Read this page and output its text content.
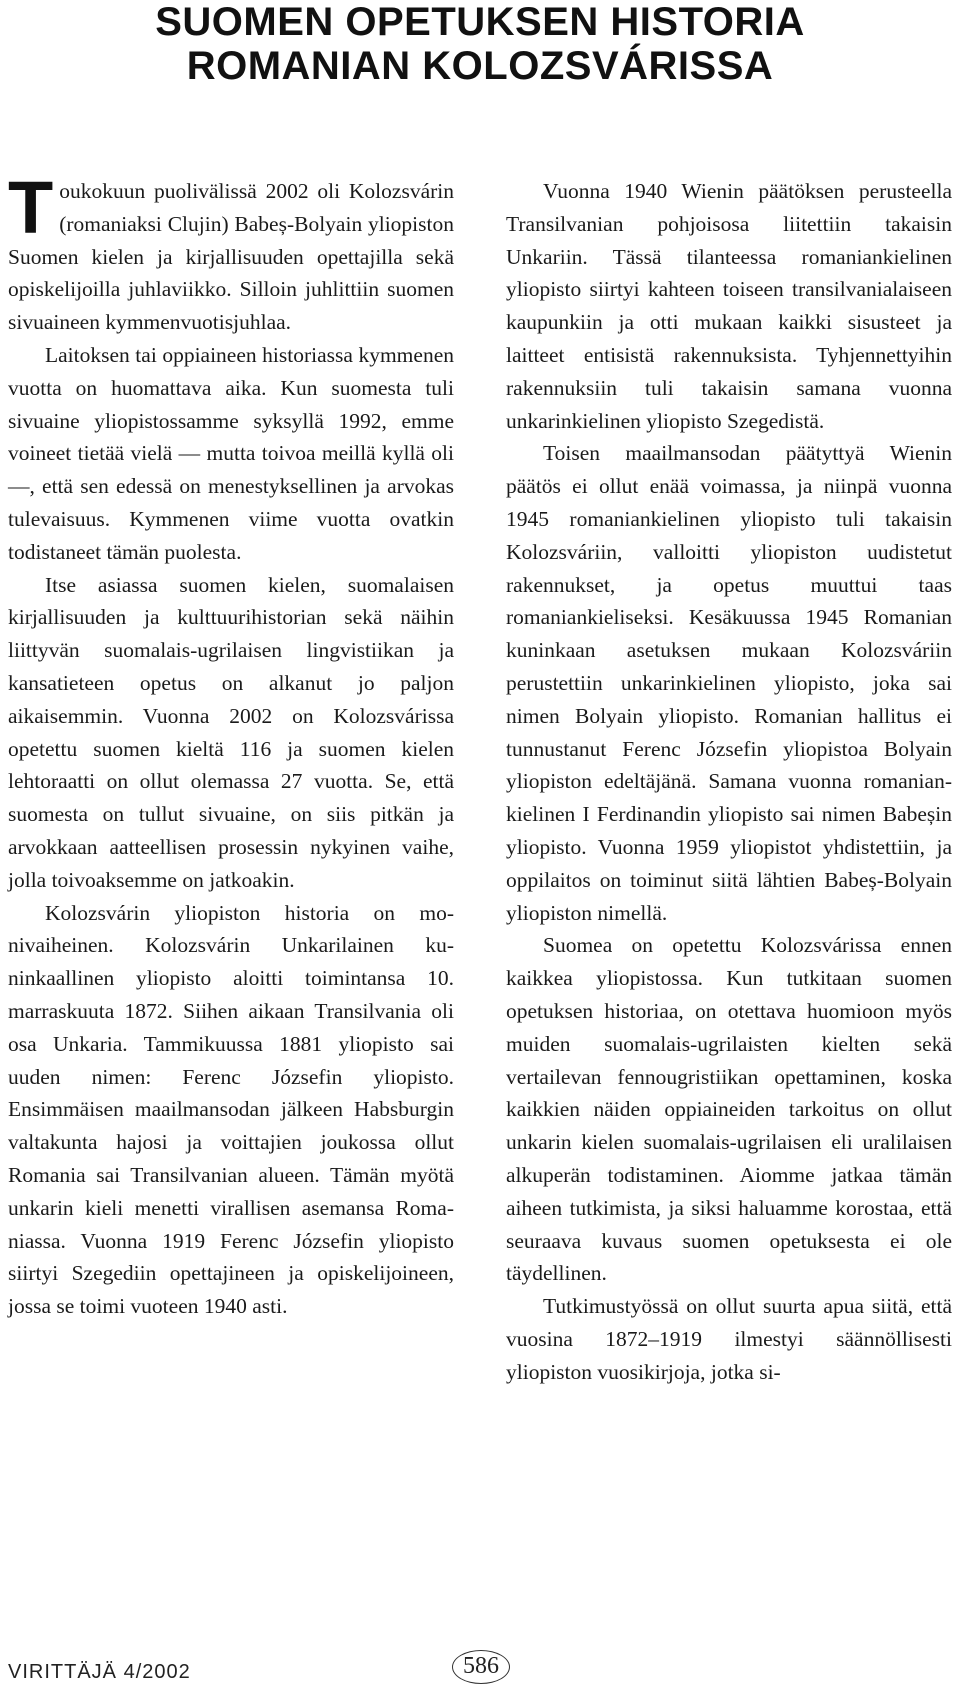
SUOMEN OPETUKSEN HISTORIA
ROMANIAN KOLOZSVÁRISSA

Toukokuun puolivälissä 2002 oli Kolozsvárin (romaniaksi Clujin) Babeș-Bolyain yliopiston Suomen kielen ja kirjallisuuden opettajilla sekä opiskelijoilla juhlaviikko. Silloin juhlittiin suomen sivuaineen kymmenvuotisjuhlaa.

Laitoksen tai oppiaineen historiassa kymmenen vuotta on huomattava aika. Kun suomesta tuli sivuaine yliopistossamme syksyllä 1992, emme voineet tietää vielä — mutta toivoa meillä kyllä oli —, että sen edessä on menestyksellinen ja arvokas tulevaisuus. Kymmenen viime vuotta ovatkin todistaneet tämän puolesta.

Itse asiassa suomen kielen, suomalaisen kirjallisuuden ja kulttuurihistorian sekä näihin liittyvän suomalais-ugrilaisen lingvistiikan ja kansatieteen opetus on alkanut jo paljon aikaisemmin. Vuonna 2002 on Kolozsvárissa opetettu suomen kieltä 116 ja suomen kielen lehtoraatti on ollut olemassa 27 vuotta. Se, että suomesta on tullut sivuaine, on siis pitkän ja arvokkaan aatteellisen prosessin nykyinen vaihe, jolla toivoaksemme on jatkoakin.

Kolozsvárin yliopiston historia on monivaiheinen. Kolozsvárin Unkarilainen kuninkaallinen yliopisto aloitti toimintansa 10. marraskuuta 1872. Siihen aikaan Transilvania oli osa Unkaria. Tammikuussa 1881 yliopisto sai uuden nimen: Ferenc Józsefin yliopisto. Ensimmäisen maailmansodan jälkeen Habsburgin valtakunta hajosi ja voittajien joukossa ollut Romania sai Transilvanian alueen. Tämän myötä unkarin kieli menetti virallisen asemansa Romaniassa. Vuonna 1919 Ferenc Józsefin yliopisto siirtyi Szegediin opettajineen ja opiskelijoineen, jossa se toimi vuoteen 1940 asti.

Vuonna 1940 Wienin päätöksen perusteella Transilvanian pohjoisosa liitettiin takaisin Unkariin. Tässä tilanteessa romaniankielinen yliopisto siirtyi kahteen toiseen transilvanialaiseen kaupunkiin ja otti mukaan kaikki sisusteet ja laitteet entisistä rakennuksista. Tyhjennettyihin rakennuksiin tuli takaisin samana vuonna unkarinkielinen yliopisto Szegedistä.

Toisen maailmansodan päätyttyä Wienin päätös ei ollut enää voimassa, ja niinpä vuonna 1945 romaniankielinen yliopisto tuli takaisin Kolozsváriin, valloitti yliopiston uudistetut rakennukset, ja opetus muuttui taas romaniankieliseksi. Kesäkuussa 1945 Romanian kuninkaan asetuksen mukaan Kolozsváriin perustettiin unkarinkielinen yliopisto, joka sai nimen Bolyain yliopisto. Romanian hallitus ei tunnustanut Ferenc Józsefin yliopistoa Bolyain yliopiston edeltäjänä. Samana vuonna romaniankielinen I Ferdinandin yliopisto sai nimen Babeșin yliopisto. Vuonna 1959 yliopistot yhdistettiin, ja oppilaitos on toiminut siitä lähtien Babeș-Bolyain yliopiston nimellä.

Suomea on opetettu Kolozsvárissa ennen kaikkea yliopistossa. Kun tutkitaan suomen opetuksen historiaa, on otettava huomioon myös muiden suomalais-ugrilaisten kielten sekä vertailevan fennougristiikan opettaminen, koska kaikkien näiden oppiaineiden tarkoitus on ollut unkarin kielen suomalais-ugrilaisen eli uralilaisen alkuperän todistaminen. Aiomme jatkaa tämän aiheen tutkimista, ja siksi haluamme korostaa, että seuraava kuvaus suomen opetuksesta ei ole täydellinen.

Tutkimustyössä on ollut suurta apua siitä, että vuosina 1872–1919 ilmestyi säännöllisesti yliopiston vuosikirjoja, jotka si-

VIRITTÄJÄ 4/2002	586
